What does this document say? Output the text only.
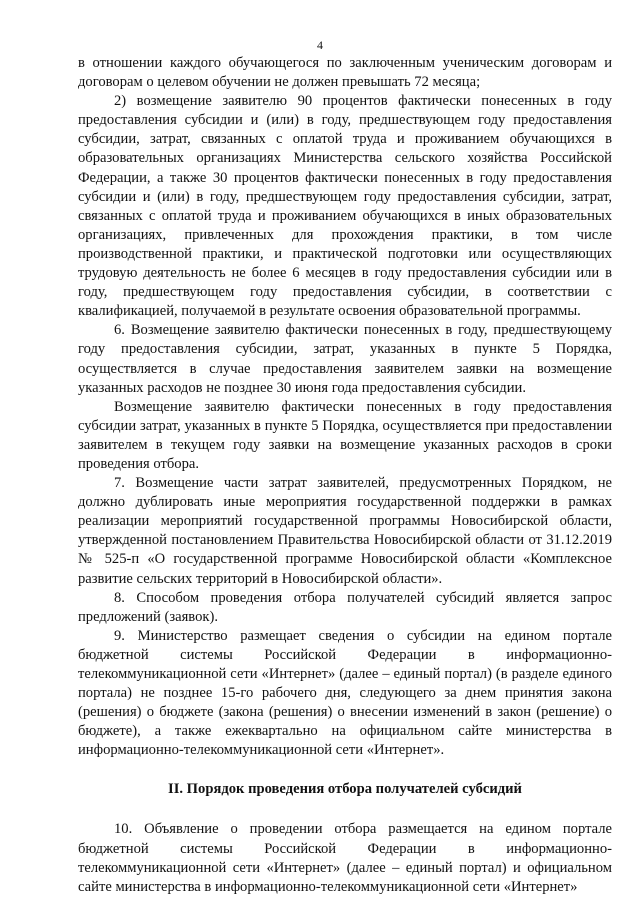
4

в отношении каждого обучающегося по заключенным ученическим договорам и договорам о целевом обучении не должен превышать 72 месяца;

2) возмещение заявителю 90 процентов фактически понесенных в году предоставления субсидии и (или) в году, предшествующем году предоставления субсидии, затрат, связанных с оплатой труда и проживанием обучающихся в образовательных организациях Министерства сельского хозяйства Российской Федерации, а также 30 процентов фактически понесенных в году предоставления субсидии и (или) в году, предшествующем году предоставления субсидии, затрат, связанных с оплатой труда и проживанием обучающихся в иных образовательных организациях, привлеченных для прохождения практики, в том числе производственной практики, и практической подготовки или осуществляющих трудовую деятельность не более 6 месяцев в году предоставления субсидии или в году, предшествующем году предоставления субсидии, в соответствии с квалификацией, получаемой в результате освоения образовательной программы.

6. Возмещение заявителю фактически понесенных в году, предшествующему году предоставления субсидии, затрат, указанных в пункте 5 Порядка, осуществляется в случае предоставления заявителем заявки на возмещение указанных расходов не позднее 30 июня года предоставления субсидии.

Возмещение заявителю фактически понесенных в году предоставления субсидии затрат, указанных в пункте 5 Порядка, осуществляется при предоставлении заявителем в текущем году заявки на возмещение указанных расходов в сроки проведения отбора.

7. Возмещение части затрат заявителей, предусмотренных Порядком, не должно дублировать иные мероприятия государственной поддержки в рамках реализации мероприятий государственной программы Новосибирской области, утвержденной постановлением Правительства Новосибирской области от 31.12.2019 № 525-п «О государственной программе Новосибирской области «Комплексное развитие сельских территорий в Новосибирской области».

8. Способом проведения отбора получателей субсидий является запрос предложений (заявок).

9. Министерство размещает сведения о субсидии на едином портале бюджетной системы Российской Федерации в информационно-телекоммуникационной сети «Интернет» (далее – единый портал) (в разделе единого портала) не позднее 15-го рабочего дня, следующего за днем принятия закона (решения) о бюджете (закона (решения) о внесении изменений в закон (решение) о бюджете), а также ежеквартально на официальном сайте министерства в информационно-телекоммуникационной сети «Интернет».

II. Порядок проведения отбора получателей субсидий

10. Объявление о проведении отбора размещается на едином портале бюджетной системы Российской Федерации в информационно-телекоммуникационной сети «Интернет» (далее – единый портал) и официальном сайте министерства в информационно-телекоммуникационной сети «Интернет»
